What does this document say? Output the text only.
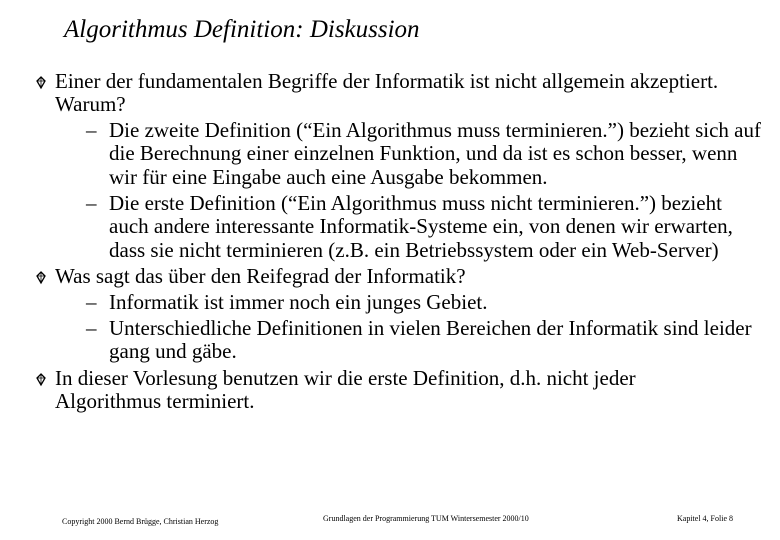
Algorithmus Definition: Diskussion
Einer der fundamentalen Begriffe der Informatik ist nicht allgemein akzeptiert. Warum?
– Die zweite Definition (“Ein Algorithmus muss terminieren.”) bezieht sich auf die Berechnung einer einzelnen Funktion, und da ist es schon besser, wenn wir für eine Eingabe auch eine Ausgabe bekommen.
– Die erste Definition (“Ein Algorithmus muss nicht terminieren.”) bezieht auch andere interessante Informatik-Systeme ein, von denen wir erwarten, dass sie nicht terminieren (z.B. ein Betriebssystem oder ein Web-Server)
Was sagt das über den Reifegrad der Informatik?
– Informatik ist immer noch ein junges Gebiet.
– Unterschiedliche Definitionen in vielen Bereichen der Informatik sind leider gang und gäbe.
In dieser Vorlesung benutzen wir die erste Definition, d.h. nicht jeder Algorithmus terminiert.
Copyright 2000 Bernd Brügge, Christian Herzog	Grundlagen der Programmierung TUM Wintersemester 2000/10	Kapitel 4, Folie 8
